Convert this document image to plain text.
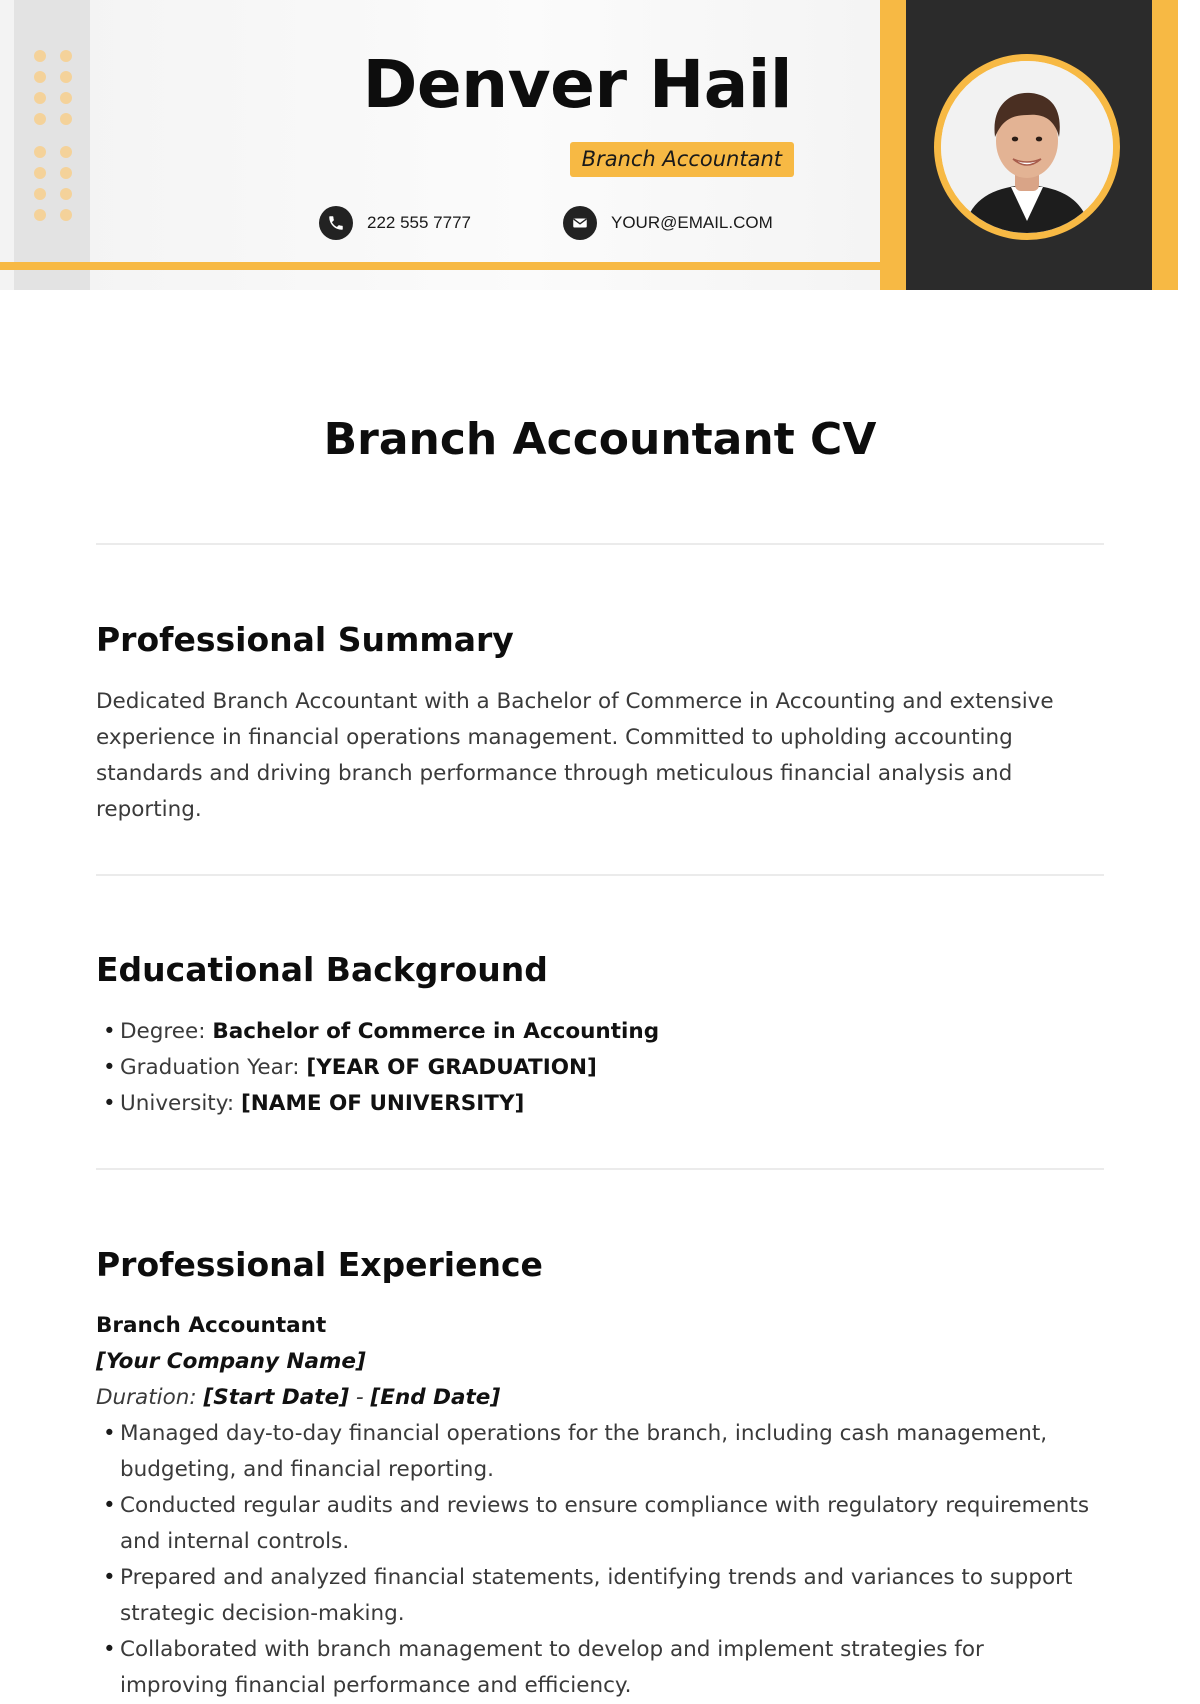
Denver Hail
Branch Accountant
222 555 7777	YOUR@EMAIL.COM
Branch Accountant CV
Professional Summary

Dedicated Branch Accountant with a Bachelor of Commerce in Accounting and extensive experience in financial operations management. Committed to upholding accounting standards and driving branch performance through meticulous financial analysis and reporting.

Educational Background
• Degree: Bachelor of Commerce in Accounting
• Graduation Year: [YEAR OF GRADUATION]
• University: [NAME OF UNIVERSITY]
Professional Experience
Branch Accountant
[Your Company Name]
Duration: [Start Date] - [End Date]
• Managed day-to-day financial operations for the branch, including cash management, budgeting, and financial reporting.
• Conducted regular audits and reviews to ensure compliance with regulatory requirements and internal controls.
• Prepared and analyzed financial statements, identifying trends and variances to support strategic decision-making.
• Collaborated with branch management to develop and implement strategies for improving financial performance and efficiency.
